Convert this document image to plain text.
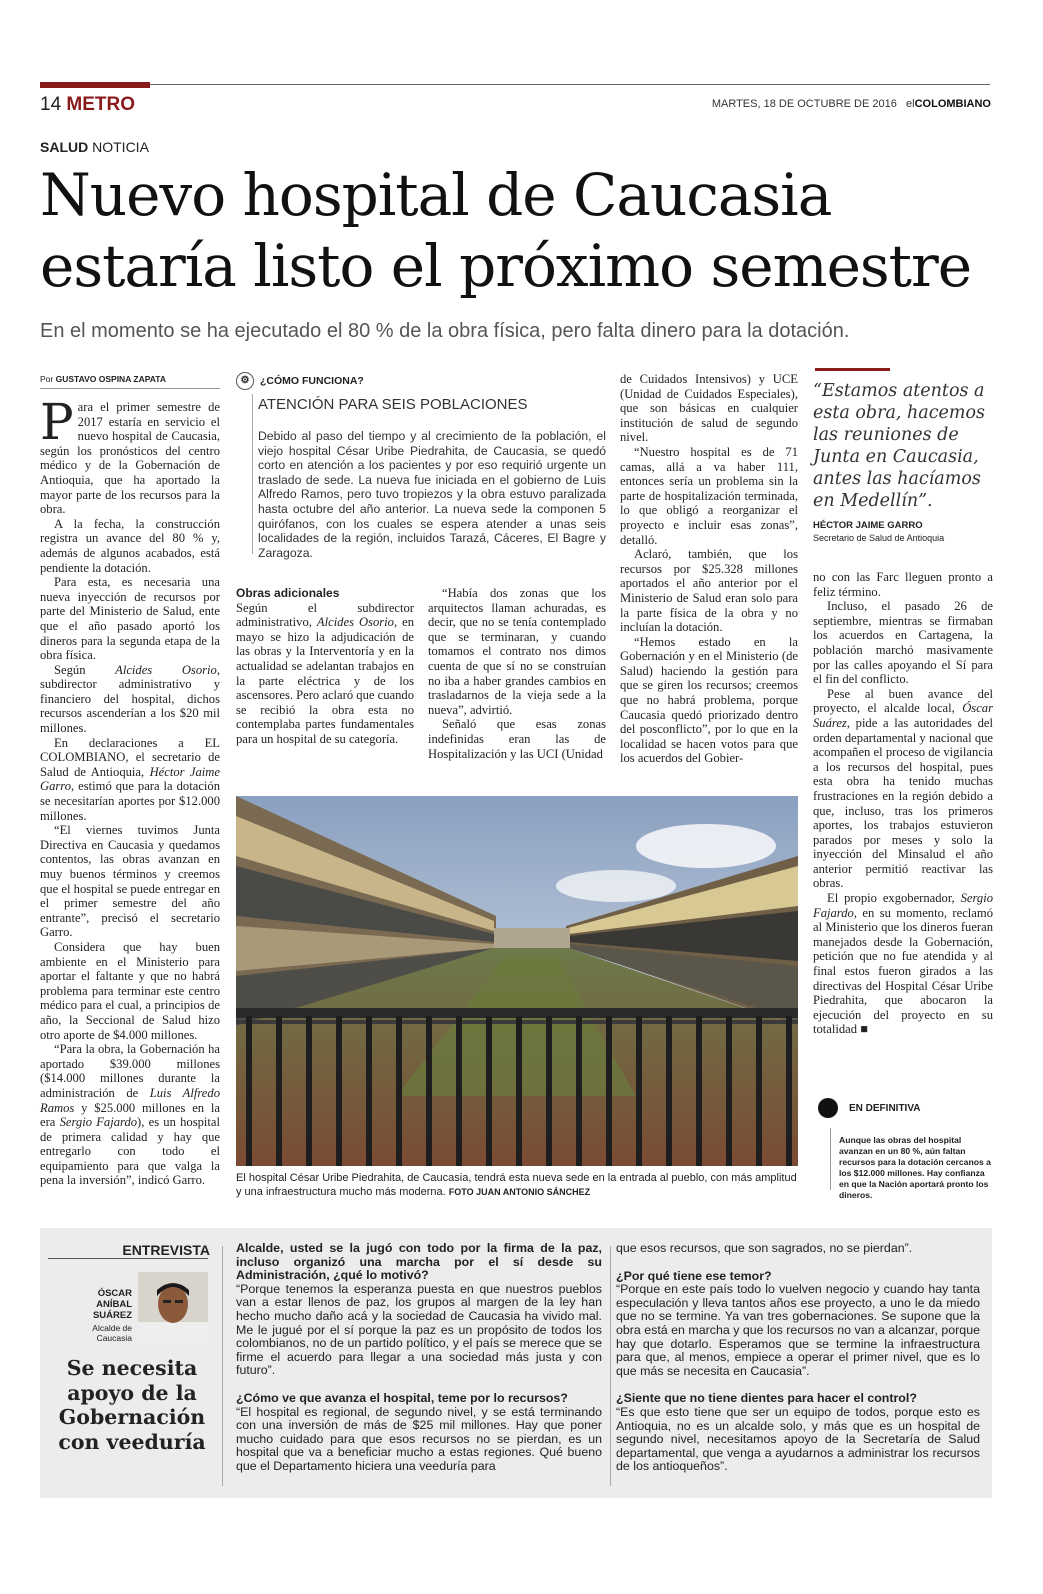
14 METRO	MARTES, 18 DE OCTUBRE DE 2016 elCOLOMBIANO
SALUD NOTICIA
Nuevo hospital de Caucasia
estaría listo el próximo semestre
En el momento se ha ejecutado el 80 % de la obra física, pero falta dinero para la dotación.
Por GUSTAVO OSPINA ZAPATA

Para el primer semestre de 2017 estaría en servicio el nuevo hospital de Caucasia, según los pronósticos del centro médico y de la Gobernación de Antioquia, que ha aportado la mayor parte de los recursos para la obra.

A la fecha, la construcción registra un avance del 80 % y, además de algunos acabados, está pendiente la dotación.

Para esta, es necesaria una nueva inyección de recursos por parte del Ministerio de Salud, ente que el año pasado aportó los dineros para la segunda etapa de la obra física.

Según Alcides Osorio, subdirector administrativo y financiero del hospital, dichos recursos ascenderían a los $20 mil millones.

En declaraciones a EL COLOMBIANO, el secretario de Salud de Antioquia, Héctor Jaime Garro, estimó que para la dotación se necesitarían aportes por $12.000 millones.

“El viernes tuvimos Junta Directiva en Caucasia y quedamos contentos, las obras avanzan en muy buenos términos y creemos que el hospital se puede entregar en el primer semestre del año entrante”, precisó el secretario Garro.

Considera que hay buen ambiente en el Ministerio para aportar el faltante y que no habrá problema para terminar este centro médico para el cual, a principios de año, la Seccional de Salud hizo otro aporte de $4.000 millones.

“Para la obra, la Gobernación ha aportado $39.000 millones ($14.000 millones durante la administración de Luis Alfredo Ramos y $25.000 millones en la era Sergio Fajardo), es un hospital de primera calidad y hay que entregarlo con todo el equipamiento para que valga la pena la inversión”, indicó Garro.

⚙ ¿CÓMO FUNCIONA?
ATENCIÓN PARA SEIS POBLACIONES
Debido al paso del tiempo y al crecimiento de la población, el viejo hospital César Uribe Piedrahita, de Caucasia, se quedó corto en atención a los pacientes y por eso requirió urgente un traslado de sede. La nueva fue iniciada en el gobierno de Luis Alfredo Ramos, pero tuvo tropiezos y la obra estuvo paralizada hasta octubre del año anterior. La nueva sede la componen 5 quirófanos, con los cuales se espera atender a unas seis localidades de la región, incluidos Tarazá, Cáceres, El Bagre y Zaragoza.
Obras adicionales

Según el subdirector administrativo, Alcides Osorio, en mayo se hizo la adjudicación de las obras y la Interventoría y en la actualidad se adelantan trabajos en la parte eléctrica y de los ascensores. Pero aclaró que cuando se recibió la obra esta no contemplaba partes fundamentales para un hospital de su categoría.

“Había dos zonas que los arquitectos llaman achuradas, es decir, que no se tenía contemplado que se terminaran, y cuando tomamos el contrato nos dimos cuenta de que sí no se construían no iba a haber grandes cambios en trasladarnos de la vieja sede a la nueva”, advirtió.

Señaló que esas zonas indefinidas eran las de Hospitalización y las UCI (Unidad

de Cuidados Intensivos) y UCE (Unidad de Cuidados Especiales), que son básicas en cualquier institución de salud de segundo nivel.

“Nuestro hospital es de 71 camas, allá a va haber 111, entonces sería un problema sin la parte de hospitalización terminada, lo que obligó a reorganizar el proyecto e incluir esas zonas”, detalló.

Aclaró, también, que los recursos por $25.328 millones aportados el año anterior por el Ministerio de Salud eran solo para la parte física de la obra y no incluían la dotación.

“Hemos estado en la Gobernación y en el Ministerio (de Salud) haciendo la gestión para que se giren los recursos; creemos que no habrá problema, porque Caucasia quedó priorizado dentro del posconflicto”, por lo que en la localidad se hacen votos para que los acuerdos del Gobier-

“Estamos atentos a esta obra, hacemos las reuniones de Junta en Caucasia, antes las hacíamos en Medellín”.
HÉCTOR JAIME GARRO
Secretario de Salud de Antioquia

no con las Farc lleguen pronto a feliz término.

Incluso, el pasado 26 de septiembre, mientras se firmaban los acuerdos en Cartagena, la población marchó masivamente por las calles apoyando el Sí para el fin del conflicto.

Pese al buen avance del proyecto, el alcalde local, Óscar Suárez, pide a las autoridades del orden departamental y nacional que acompañen el proceso de vigilancia a los recursos del hospital, pues esta obra ha tenido muchas frustraciones en la región debido a que, incluso, tras los primeros aportes, los trabajos estuvieron parados por meses y solo la inyección del Minsalud el año anterior permitió reactivar las obras.

El propio exgobernador, Sergio Fajardo, en su momento, reclamó al Ministerio que los dineros fueran manejados desde la Gobernación, petición que no fue atendida y al final estos fueron girados a las directivas del Hospital César Uribe Piedrahita, que abocaron la ejecución del proyecto en su totalidad ■

El hospital César Uribe Piedrahita, de Caucasia, tendrá esta nueva sede en la entrada al pueblo, con más amplitud y una infraestructura mucho más moderna. FOTO JUAN ANTONIO SÁNCHEZ
EN DEFINITIVA
Aunque las obras del hospital avanzan en un 80 %, aún faltan recursos para la dotación cercanos a los $12.000 millones. Hay confianza en que la Nación aportará pronto los dineros.
ENTREVISTA
ÓSCAR
ANÍBAL
SUÁREZ
Alcalde de
Caucasia
Se necesita apoyo de la Gobernación con veeduría
Alcalde, usted se la jugó con todo por la firma de la paz, incluso organizó una marcha por el sí desde su Administración, ¿qué lo motivó?
“Porque tenemos la esperanza puesta en que nuestros pueblos van a estar llenos de paz, los grupos al margen de la ley han hecho mucho daño acá y la sociedad de Caucasia ha vivido mal. Me le jugué por el sí porque la paz es un propósito de todos los colombianos, no de un partido político, y el país se merece que se firme el acuerdo para llegar a una sociedad más justa y con futuro”.
¿Cómo ve que avanza el hospital, teme por lo recursos?
“El hospital es regional, de segundo nivel, y se está terminando con una inversión de más de $25 mil millones. Hay que poner mucho cuidado para que esos recursos no se pierdan, es un hospital que va a beneficiar mucho a estas regiones. Qué bueno que el Departamento hiciera una veeduría para
que esos recursos, que son sagrados, no se pierdan”.
¿Por qué tiene ese temor?
“Porque en este país todo lo vuelven negocio y cuando hay tanta especulación y lleva tantos años ese proyecto, a uno le da miedo que no se termine. Ya van tres gobernaciones. Se supone que la obra está en marcha y que los recursos no van a alcanzar, porque hay que dotarlo. Esperamos que se termine la infraestructura para que, al menos, empiece a operar el primer nivel, que es lo que más se necesita en Caucasia”.
¿Siente que no tiene dientes para hacer el control?
“Es que esto tiene que ser un equipo de todos, porque esto es Antioquia, no es un alcalde solo, y más que es un hospital de segundo nivel, necesitamos apoyo de la Secretaría de Salud departamental, que venga a ayudarnos a administrar los recursos de los antioqueños”.
